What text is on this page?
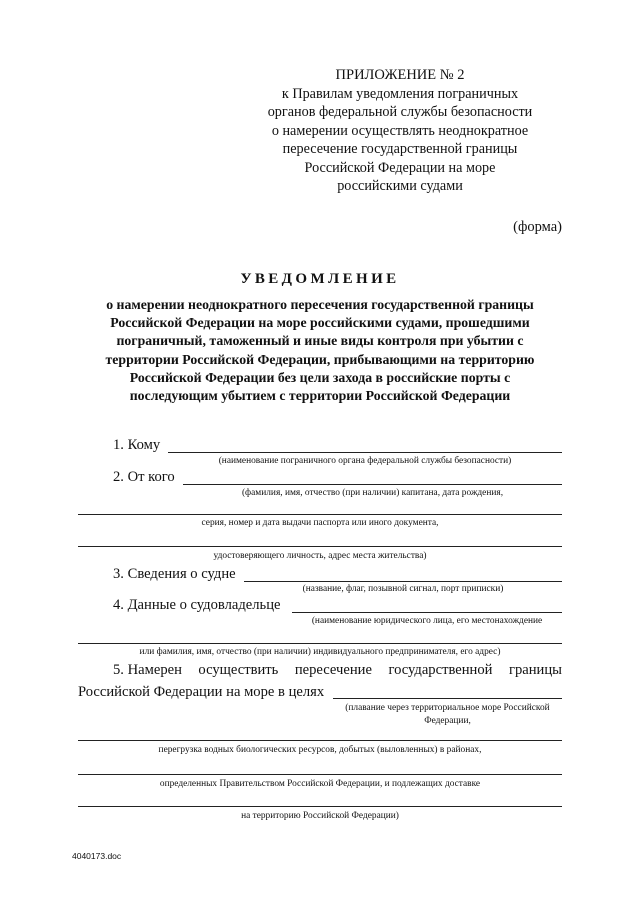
ПРИЛОЖЕНИЕ № 2
к Правилам уведомления пограничных
органов федеральной службы безопасности
о намерении осуществлять неоднократное
пересечение государственной границы
Российской Федерации на море
российскими судами
(форма)
УВЕДОМЛЕНИЕ
о намерении неоднократного пересечения государственной границы
Российской Федерации на море российскими судами, прошедшими
пограничный, таможенный и иные виды контроля при убытии с
территории Российской Федерации, прибывающими на территорию
Российской Федерации без цели захода в российские порты с
последующим убытием с территории Российской Федерации
1. Кому
(наименование пограничного органа федеральной службы безопасности)
2. От кого
(фамилия, имя, отчество (при наличии) капитана, дата рождения,
серия, номер и дата выдачи паспорта или иного документа,
удостоверяющего личность, адрес места жительства)
3. Сведения о судне
(название, флаг, позывной сигнал, порт приписки)
4. Данные о судовладельце
(наименование юридического лица, его местонахождение
или фамилия, имя, отчество (при наличии) индивидуального предпринимателя, его адрес)
5. Намерен осуществить пересечение государственной границы
Российской Федерации на море в целях
(плавание через территориальное море Российской Федерации,
перегрузка водных биологических ресурсов, добытых (выловленных) в районах,
определенных Правительством Российской Федерации, и подлежащих доставке
на территорию Российской Федерации)
4040173.doc
